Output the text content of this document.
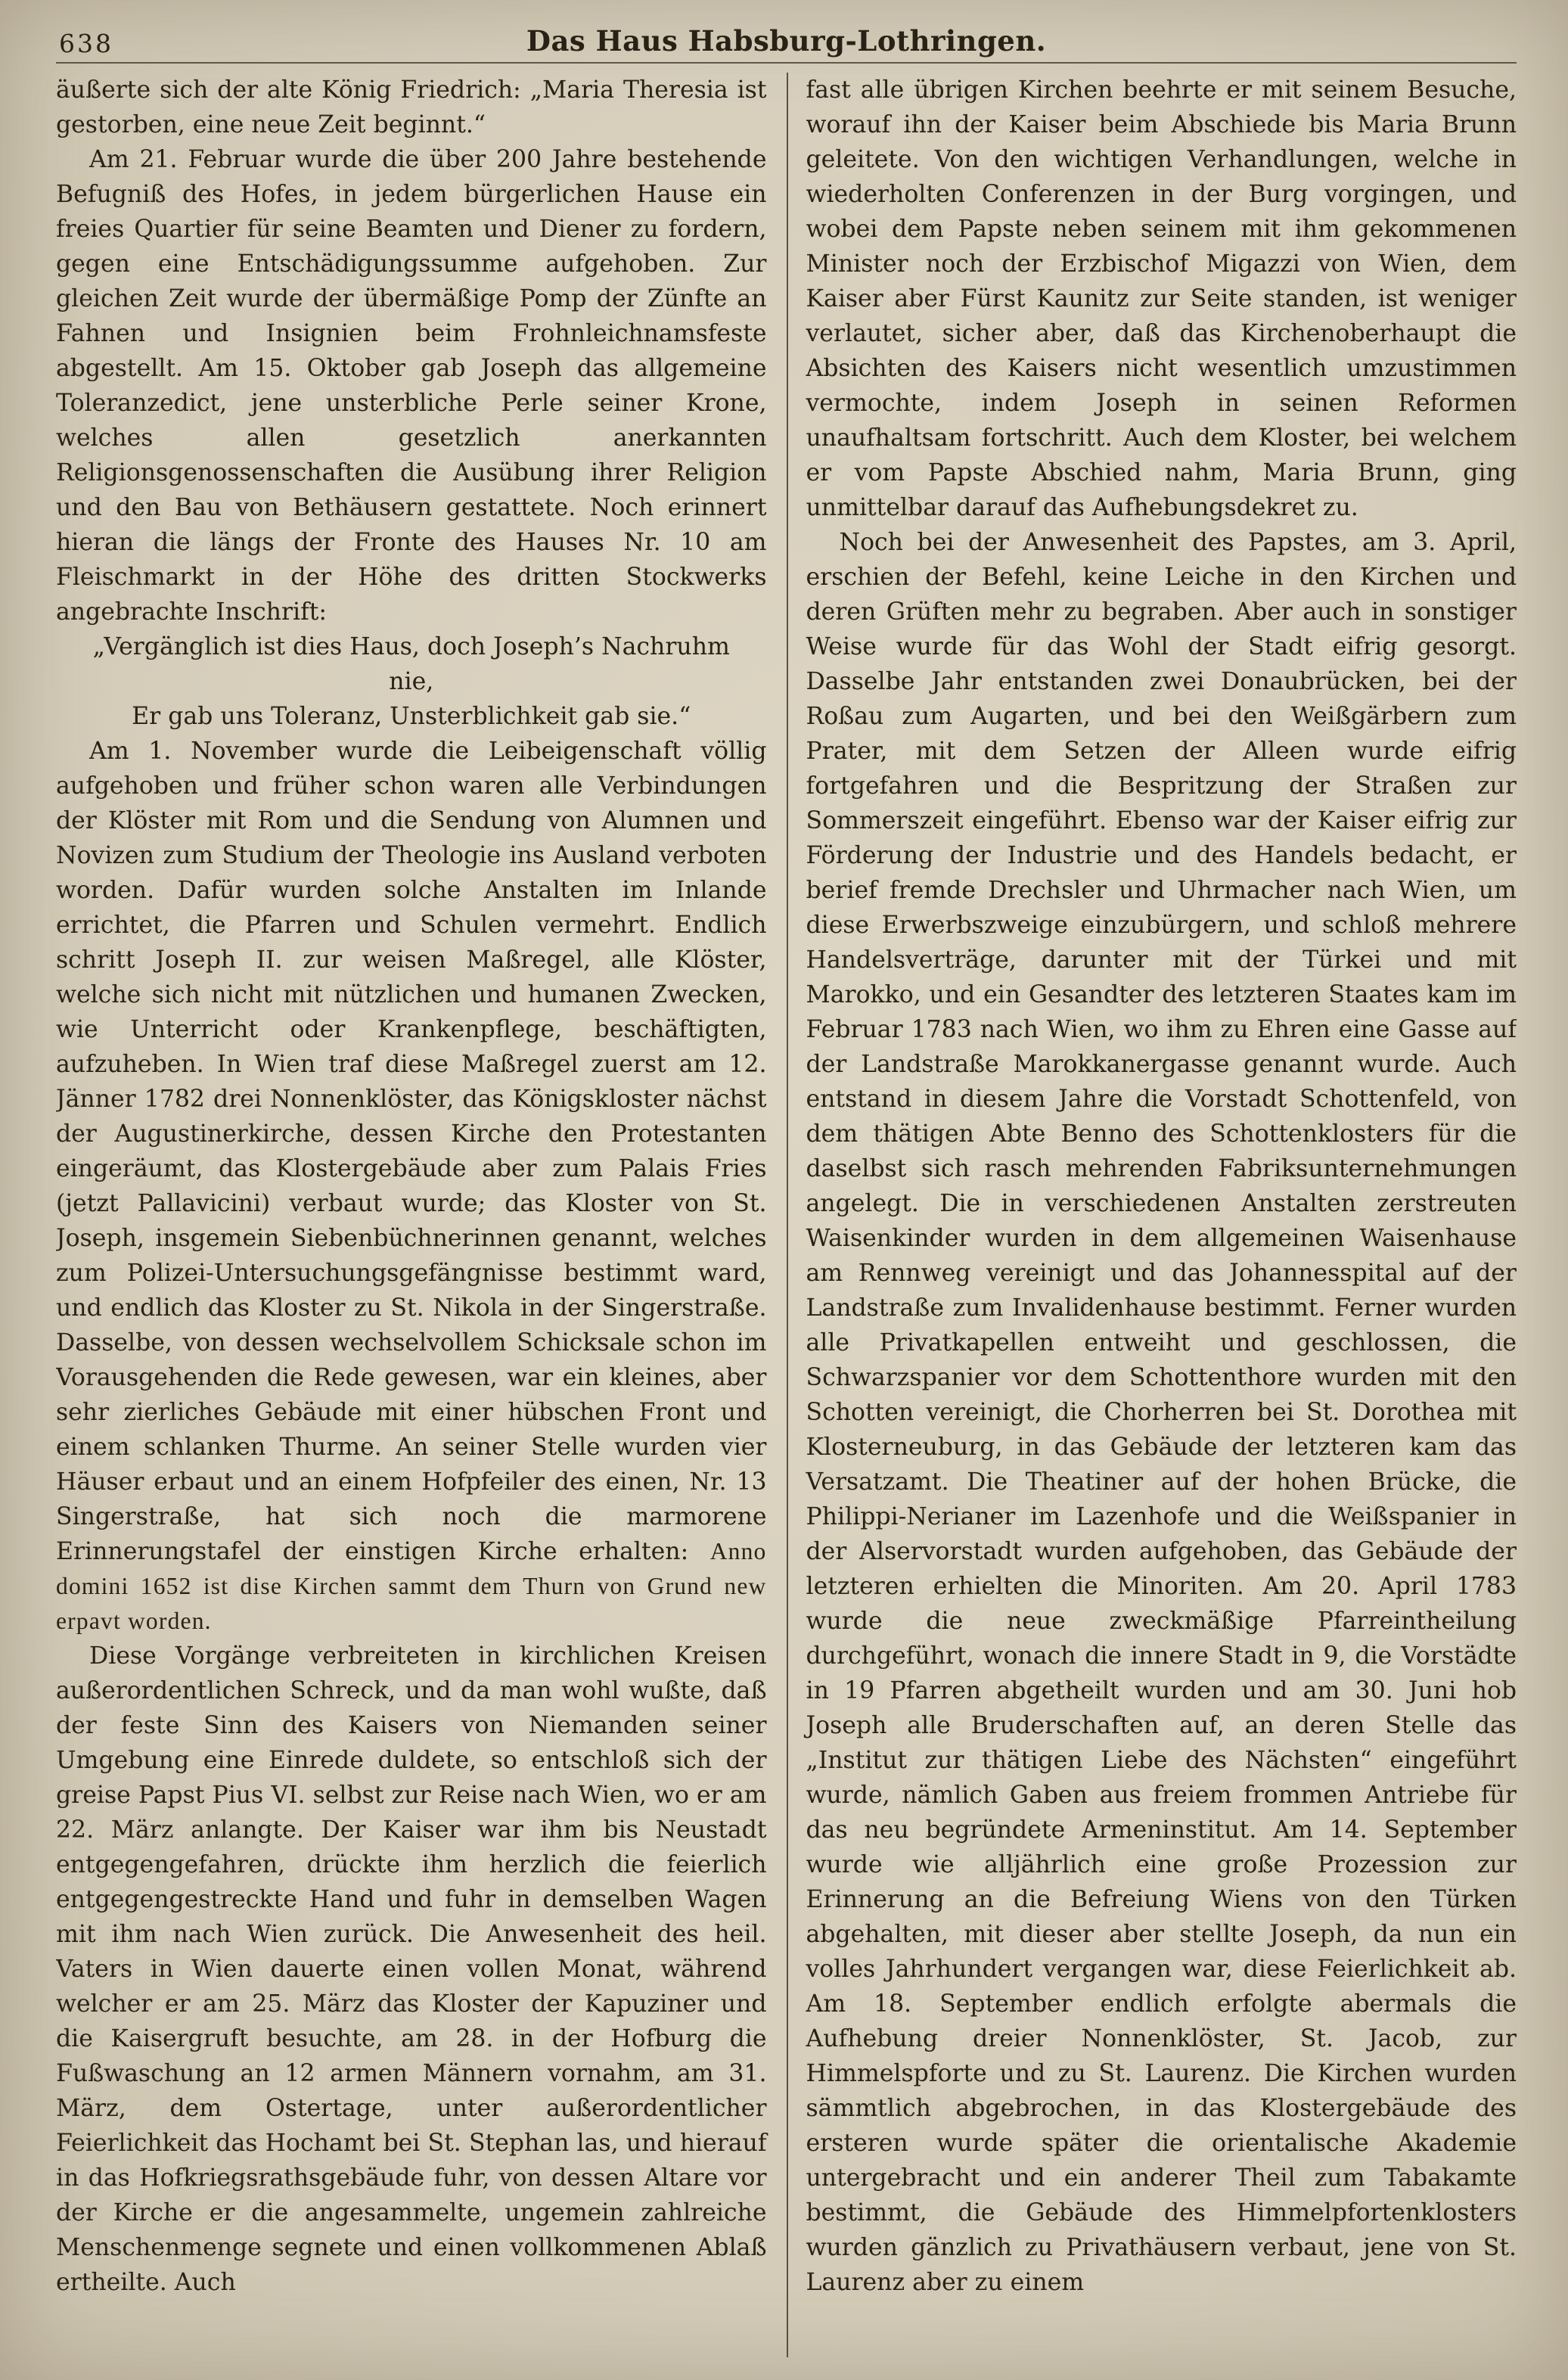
638	Das Haus Habsburg-Lothringen.

äußerte sich der alte König Friedrich: „Maria Theresia ist gestorben, eine neue Zeit beginnt.“

Am 21. Februar wurde die über 200 Jahre bestehende Befugniß des Hofes, in jedem bürgerlichen Hause ein freies Quartier für seine Beamten und Diener zu fordern, gegen eine Entschädigungssumme aufgehoben. Zur gleichen Zeit wurde der übermäßige Pomp der Zünfte an Fahnen und Insignien beim Frohnleichnamsfeste abgestellt. Am 15. Oktober gab Joseph das allgemeine Toleranzedict, jene unsterbliche Perle seiner Krone, welches allen gesetzlich anerkannten Religionsgenossenschaften die Ausübung ihrer Religion und den Bau von Bethäusern gestattete. Noch erinnert hieran die längs der Fronte des Hauses Nr. 10 am Fleischmarkt in der Höhe des dritten Stockwerks angebrachte Inschrift:

„Vergänglich ist dies Haus, doch Joseph’s Nachruhm nie,
Er gab uns Toleranz, Unsterblichkeit gab sie.“

Am 1. November wurde die Leibeigenschaft völlig aufgehoben und früher schon waren alle Verbindungen der Klöster mit Rom und die Sendung von Alumnen und Novizen zum Studium der Theologie ins Ausland verboten worden. Dafür wurden solche Anstalten im Inlande errichtet, die Pfarren und Schulen vermehrt. Endlich schritt Joseph II. zur weisen Maßregel, alle Klöster, welche sich nicht mit nützlichen und humanen Zwecken, wie Unterricht oder Krankenpflege, beschäftigten, aufzuheben. In Wien traf diese Maßregel zuerst am 12. Jänner 1782 drei Nonnenklöster, das Königskloster nächst der Augustinerkirche, dessen Kirche den Protestanten eingeräumt, das Klostergebäude aber zum Palais Fries (jetzt Pallavicini) verbaut wurde; das Kloster von St. Joseph, insgemein Siebenbüchnerinnen genannt, welches zum Polizei-Untersuchungsgefängnisse bestimmt ward, und endlich das Kloster zu St. Nikola in der Singerstraße. Dasselbe, von dessen wechselvollem Schicksale schon im Vorausgehenden die Rede gewesen, war ein kleines, aber sehr zierliches Gebäude mit einer hübschen Front und einem schlanken Thurme. An seiner Stelle wurden vier Häuser erbaut und an einem Hofpfeiler des einen, Nr. 13 Singerstraße, hat sich noch die marmorene Erinnerungstafel der einstigen Kirche erhalten: Anno domini 1652 ist dise Kirchen sammt dem Thurn von Grund new erpavt worden.

Diese Vorgänge verbreiteten in kirchlichen Kreisen außerordentlichen Schreck, und da man wohl wußte, daß der feste Sinn des Kaisers von Niemanden seiner Umgebung eine Einrede duldete, so entschloß sich der greise Papst Pius VI. selbst zur Reise nach Wien, wo er am 22. März anlangte. Der Kaiser war ihm bis Neustadt entgegengefahren, drückte ihm herzlich die feierlich entgegengestreckte Hand und fuhr in demselben Wagen mit ihm nach Wien zurück. Die Anwesenheit des heil. Vaters in Wien dauerte einen vollen Monat, während welcher er am 25. März das Kloster der Kapuziner und die Kaisergruft besuchte, am 28. in der Hofburg die Fußwaschung an 12 armen Männern vornahm, am 31. März, dem Ostertage, unter außerordentlicher Feierlichkeit das Hochamt bei St. Stephan las, und hierauf in das Hofkriegsrathsgebäude fuhr, von dessen Altare vor der Kirche er die angesammelte, ungemein zahlreiche Menschenmenge segnete und einen vollkommenen Ablaß ertheilte. Auch

fast alle übrigen Kirchen beehrte er mit seinem Besuche, worauf ihn der Kaiser beim Abschiede bis Maria Brunn geleitete. Von den wichtigen Verhandlungen, welche in wiederholten Conferenzen in der Burg vorgingen, und wobei dem Papste neben seinem mit ihm gekommenen Minister noch der Erzbischof Migazzi von Wien, dem Kaiser aber Fürst Kaunitz zur Seite standen, ist weniger verlautet, sicher aber, daß das Kirchenoberhaupt die Absichten des Kaisers nicht wesentlich umzustimmen vermochte, indem Joseph in seinen Reformen unaufhaltsam fortschritt. Auch dem Kloster, bei welchem er vom Papste Abschied nahm, Maria Brunn, ging unmittelbar darauf das Aufhebungsdekret zu.

Noch bei der Anwesenheit des Papstes, am 3. April, erschien der Befehl, keine Leiche in den Kirchen und deren Grüften mehr zu begraben. Aber auch in sonstiger Weise wurde für das Wohl der Stadt eifrig gesorgt. Dasselbe Jahr entstanden zwei Donaubrücken, bei der Roßau zum Augarten, und bei den Weißgärbern zum Prater, mit dem Setzen der Alleen wurde eifrig fortgefahren und die Bespritzung der Straßen zur Sommerszeit eingeführt. Ebenso war der Kaiser eifrig zur Förderung der Industrie und des Handels bedacht, er berief fremde Drechsler und Uhrmacher nach Wien, um diese Erwerbszweige einzubürgern, und schloß mehrere Handelsverträge, darunter mit der Türkei und mit Marokko, und ein Gesandter des letzteren Staates kam im Februar 1783 nach Wien, wo ihm zu Ehren eine Gasse auf der Landstraße Marokkanergasse genannt wurde. Auch entstand in diesem Jahre die Vorstadt Schottenfeld, von dem thätigen Abte Benno des Schottenklosters für die daselbst sich rasch mehrenden Fabriksunternehmungen angelegt. Die in verschiedenen Anstalten zerstreuten Waisenkinder wurden in dem allgemeinen Waisenhause am Rennweg vereinigt und das Johannesspital auf der Landstraße zum Invalidenhause bestimmt. Ferner wurden alle Privatkapellen entweiht und geschlossen, die Schwarzspanier vor dem Schottenthore wurden mit den Schotten vereinigt, die Chorherren bei St. Dorothea mit Klosterneuburg, in das Gebäude der letzteren kam das Versatzamt. Die Theatiner auf der hohen Brücke, die Philippi-Nerianer im Lazenhofe und die Weißspanier in der Alservorstadt wurden aufgehoben, das Gebäude der letzteren erhielten die Minoriten. Am 20. April 1783 wurde die neue zweckmäßige Pfarreintheilung durchgeführt, wonach die innere Stadt in 9, die Vorstädte in 19 Pfarren abgetheilt wurden und am 30. Juni hob Joseph alle Bruderschaften auf, an deren Stelle das „Institut zur thätigen Liebe des Nächsten“ eingeführt wurde, nämlich Gaben aus freiem frommen Antriebe für das neu begründete Armeninstitut. Am 14. September wurde wie alljährlich eine große Prozession zur Erinnerung an die Befreiung Wiens von den Türken abgehalten, mit dieser aber stellte Joseph, da nun ein volles Jahrhundert vergangen war, diese Feierlichkeit ab. Am 18. September endlich erfolgte abermals die Aufhebung dreier Nonnenklöster, St. Jacob, zur Himmelspforte und zu St. Laurenz. Die Kirchen wurden sämmtlich abgebrochen, in das Klostergebäude des ersteren wurde später die orientalische Akademie untergebracht und ein anderer Theil zum Tabakamte bestimmt, die Gebäude des Himmelpfortenklosters wurden gänzlich zu Privathäusern verbaut, jene von St. Laurenz aber zu einem
